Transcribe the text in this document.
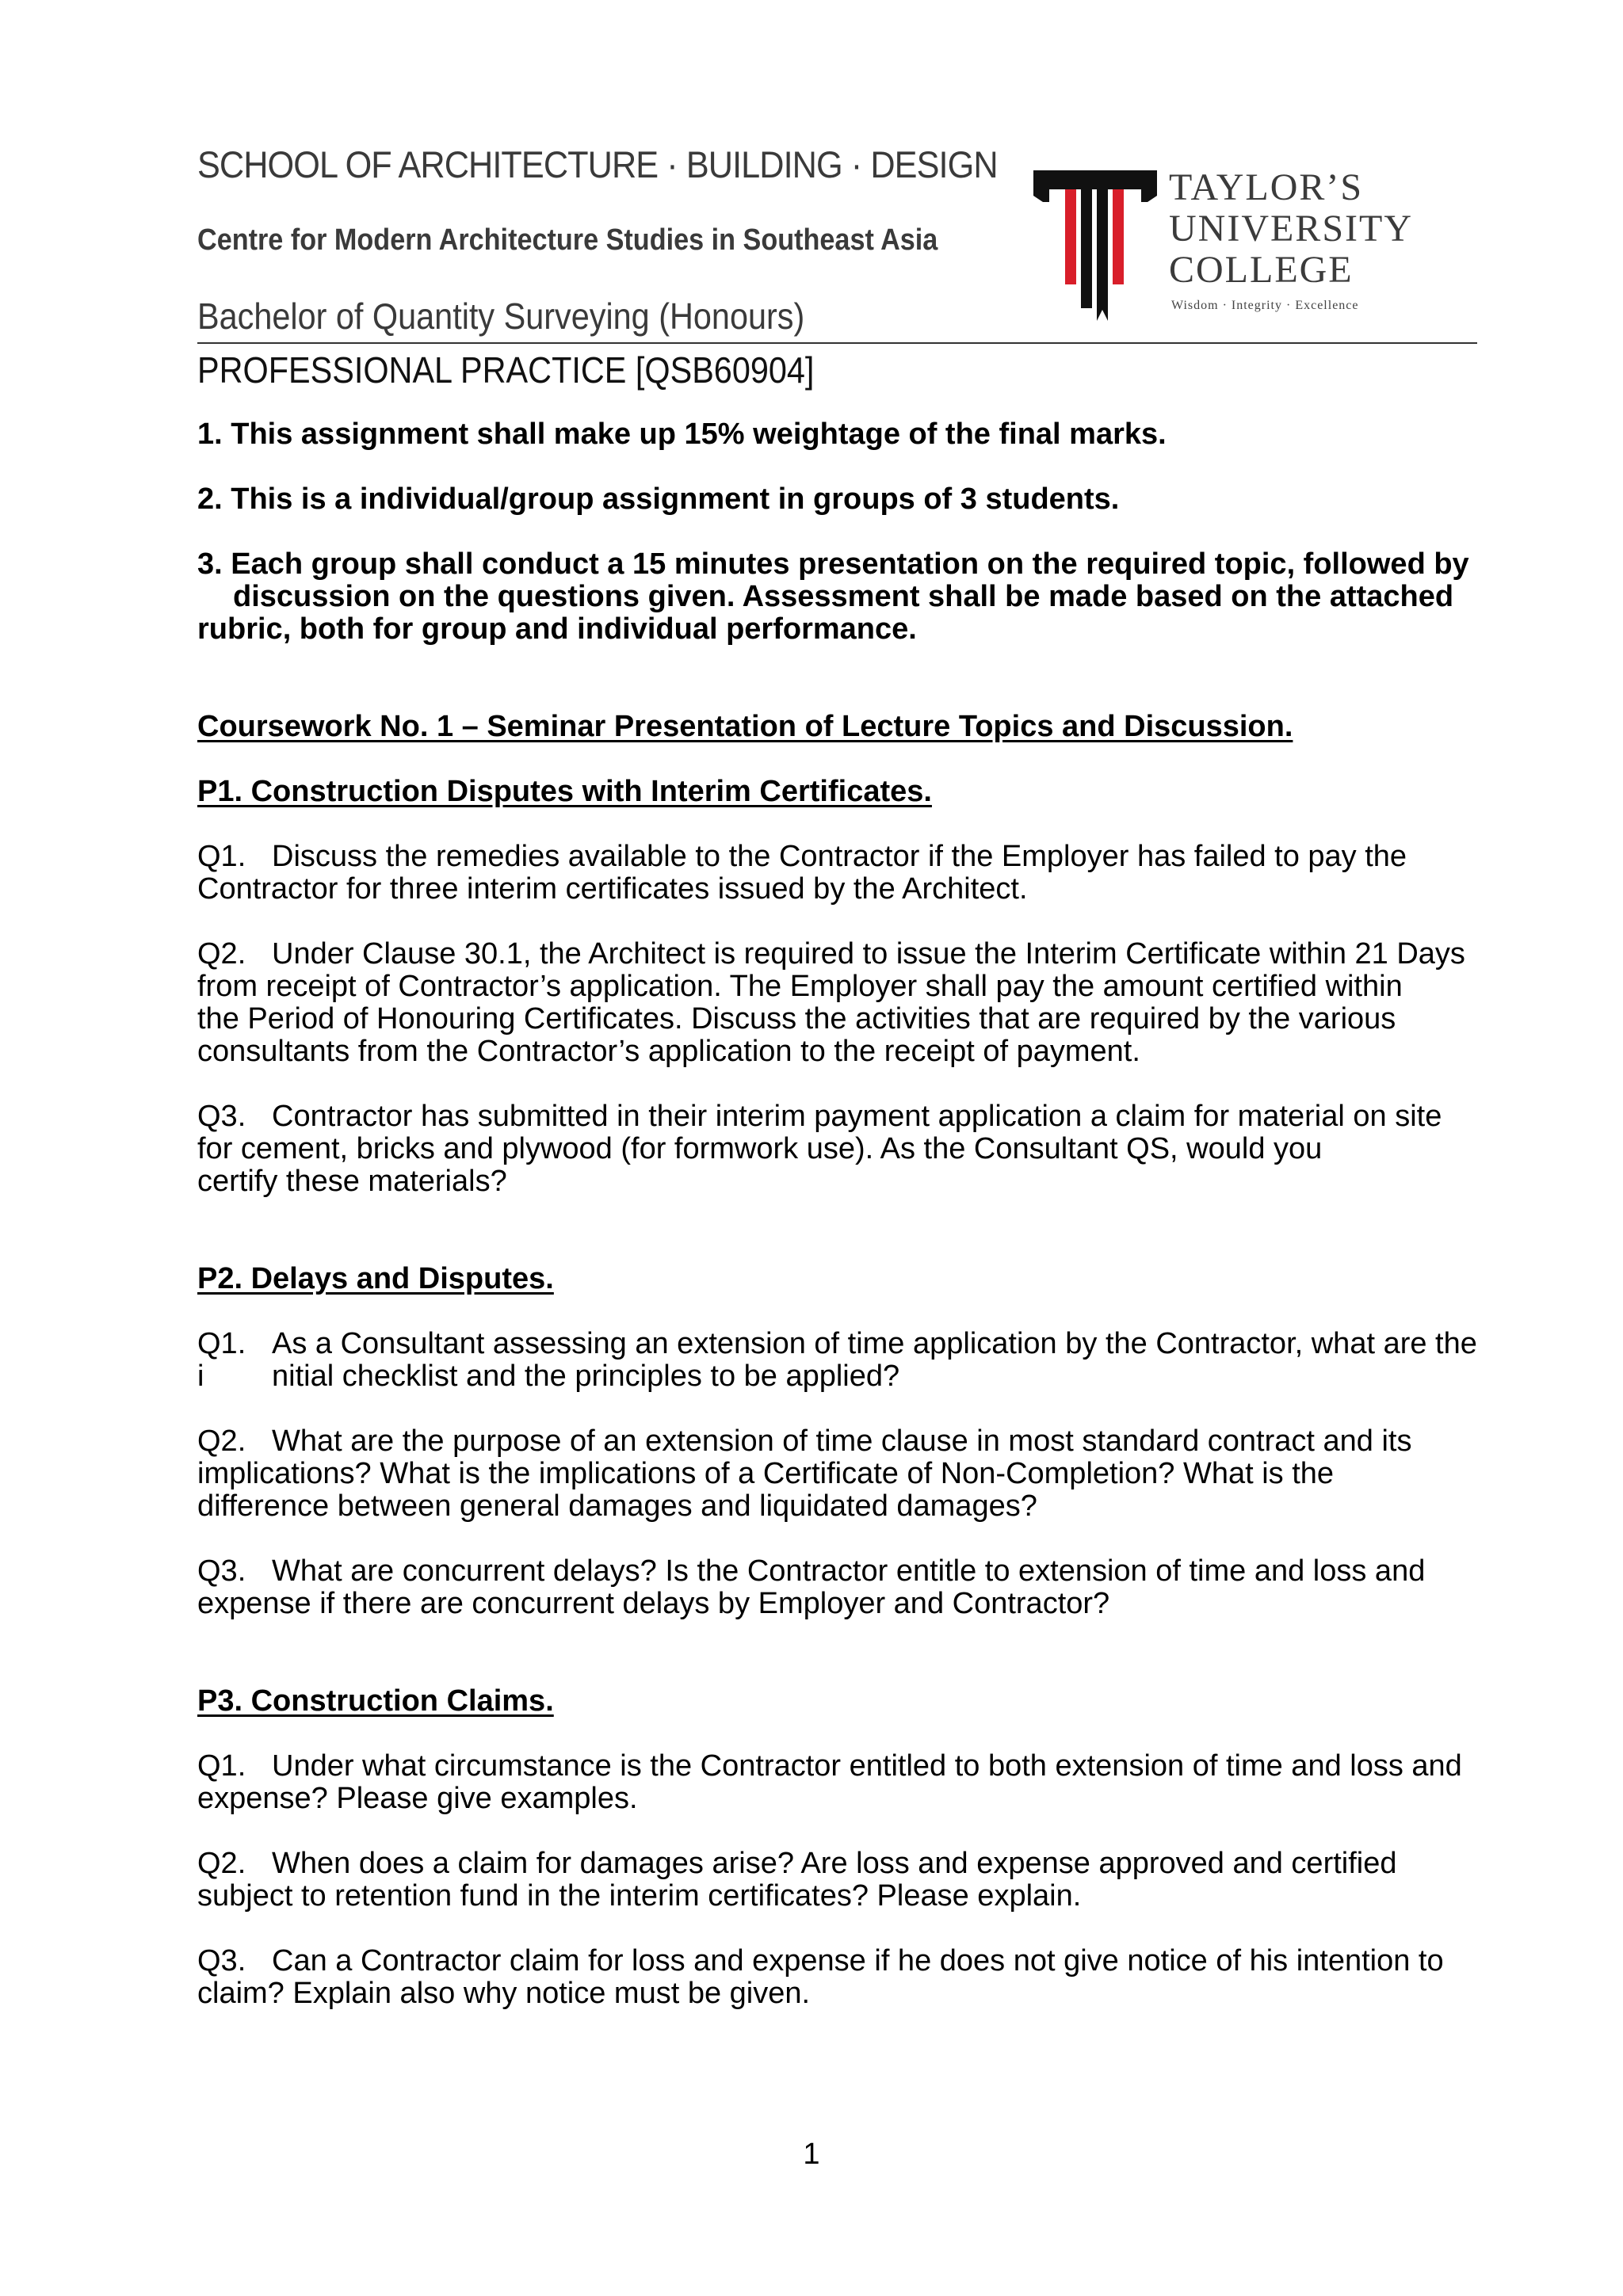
SCHOOL OF ARCHITECTURE · BUILDING · DESIGN
Centre for Modern Architecture Studies in Southeast Asia
Bachelor of Quantity Surveying (Honours)
PROFESSIONAL PRACTICE [QSB60904]
TAYLOR’S
UNIVERSITY
COLLEGE
Wisdom · Integrity · Excellence

1. This assignment shall make up 15% weightage of the final marks.

2. This is a individual/group assignment in groups of 3 students.

3. Each group shall conduct a 15 minutes presentation on the required topic, followed by
discussion on the questions given. Assessment shall be made based on the attached
rubric, both for group and individual performance.
Coursework No. 1 – Seminar Presentation of Lecture Topics and Discussion.
P1. Construction Disputes with Interim Certificates.
Q1. Discuss the remedies available to the Contractor if the Employer has failed to pay the
Contractor for three interim certificates issued by the Architect.
Q2. Under Clause 30.1, the Architect is required to issue the Interim Certificate within 21 Days
from receipt of Contractor’s application. The Employer shall pay the amount certified within
the Period of Honouring Certificates. Discuss the activities that are required by the various
consultants from the Contractor’s application to the receipt of payment.
Q3. Contractor has submitted in their interim payment application a claim for material on site
for cement, bricks and plywood (for formwork use). As the Consultant QS, would you
certify these materials?
P2. Delays and Disputes.
Q1. As a Consultant assessing an extension of time application by the Contractor, what are the
i nitial checklist and the principles to be applied?
Q2. What are the purpose of an extension of time clause in most standard contract and its
implications? What is the implications of a Certificate of Non-Completion? What is the
difference between general damages and liquidated damages?
Q3. What are concurrent delays? Is the Contractor entitle to extension of time and loss and
expense if there are concurrent delays by Employer and Contractor?
P3. Construction Claims.
Q1. Under what circumstance is the Contractor entitled to both extension of time and loss and
expense? Please give examples.
Q2. When does a claim for damages arise? Are loss and expense approved and certified
subject to retention fund in the interim certificates? Please explain.
Q3. Can a Contractor claim for loss and expense if he does not give notice of his intention to
claim? Explain also why notice must be given.
1
